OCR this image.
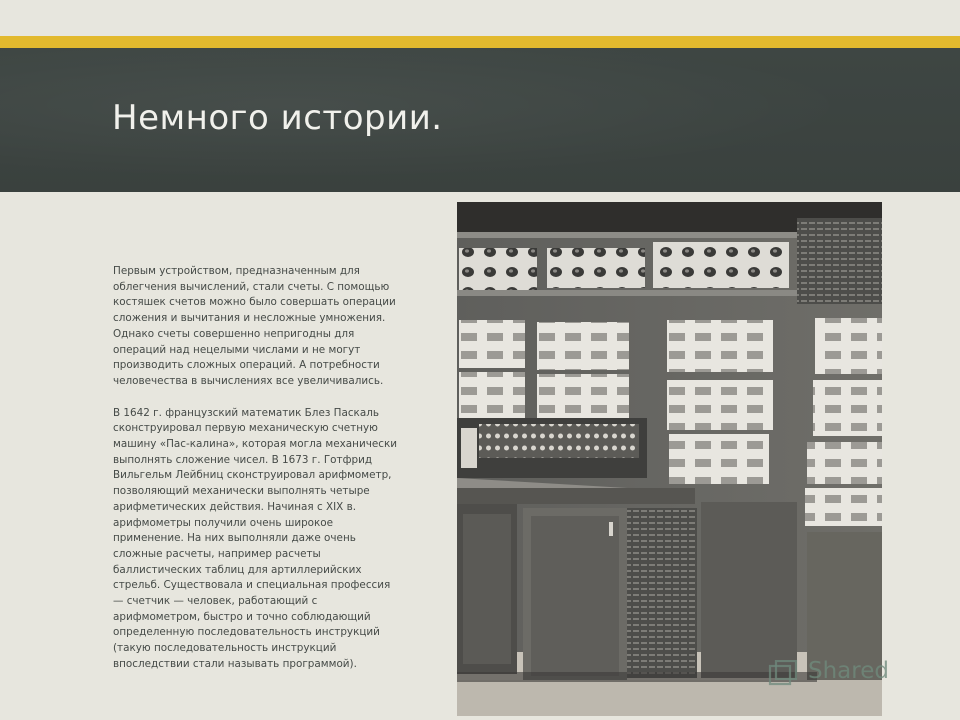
Немного истории.

Первым устройством, предназначенным для облегчения вычислений, стали счеты. С помощью костяшек счетов можно было совершать операции сложения и вычитания и несложные умножения. Однако счеты совершенно непригодны для операций над нецелыми числами и не могут производить сложных операций. А потребности человечества в вычислениях все увеличивались.

В 1642 г. французский математик Блез Паскаль сконструировал первую механическую счетную машину «Пас-калина», которая могла механически выполнять сложение чисел. В 1673 г. Готфрид Вильгельм Лейбниц сконструировал арифмометр, позволяющий механически выполнять четыре арифметических действия. Начиная с XIX в. арифмометры получили очень широкое применение. На них выполняли даже очень сложные расчеты, например расчеты баллистических таблиц для артиллерийских стрельб. Существовала и специальная профессия — счетчик — человек, работающий с арифмометром, быстро и точно соблюдающий определенную последовательность инструкций (такую последовательность инструкций впоследствии стали называть программой).	Shared
